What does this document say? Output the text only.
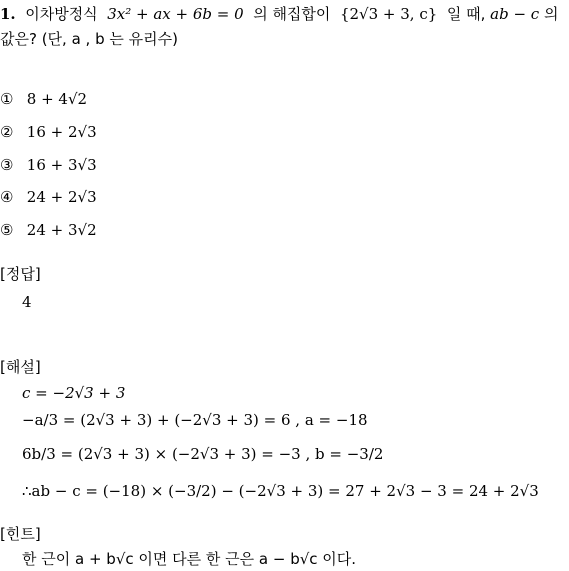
1. 이차방정식 3x² + ax + 6b = 0 의 해집합이 {2√3 + 3, c} 일 때, ab − c 의
값은? (단, a , b 는 유리수)
① 8 + 4√2
② 16 + 2√3
③ 16 + 3√3
④ 24 + 2√3
⑤ 24 + 3√2
[정답]
4
[해설]
c = −2√3 + 3
−a/3 = (2√3 + 3) + (−2√3 + 3) = 6 , a = −18
6b/3 = (2√3 + 3) × (−2√3 + 3) = −3 , b = −3/2
∴ab − c = (−18) × (−3/2) − (−2√3 + 3) = 27 + 2√3 − 3 = 24 + 2√3
[힌트]
한 근이 a + b√c 이면 다른 한 근은 a − b√c 이다.
